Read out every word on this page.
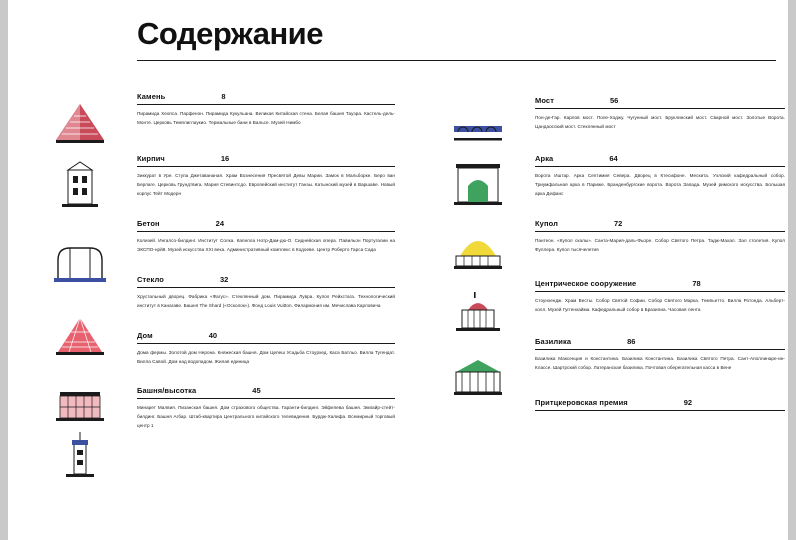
Содержание
Камень	8
Пирамида Хеопса. Парфенон. Пирамида Кукульана. Великая Китайская стена. Белая башня Тауэра. Кастель-дель-Монте. Церковь Темплиглаукио. Термальные бани в Вальсе. Музей Нимбо
Кирпич	16
Зиккурат в Уре. Ступа Джетавананая. Храм Вознесения Пресвятой Девы Марии. Замок в Мальборке. Беро ван Берлаге. Церковь Грундтвига. Мария Стевинтсдо. Европейский институт Ганзы. Катынский музей в Варшаве. Новый корпус Тейт Модерн
Бетон	24
Колизей. Ингалсо-билдинг. Институт Солка. Капелла Нотр-Дам-дю-О. Сиднейская опера. Павильон Португалии на ЭКСПО-нрй8. Музей искусства XXI века. Административный комплекс в Кодоеве. Центр Роберто Гарса Сада
Стекло	32
Хрустальный дворец. Фабрика «Фагус». Стеклянный дом. Пирамида Лувра. Купол Рейхстага. Технологический институт в Канагаве. Башня The Shard («Осколок»). Фонд Louis Vuitton. Филармония им. Мечислава Карловича
Дом	40
Дома фермы. Золотой дом Нерона. Княжеская башня. Дом Цепеш Усадьба Стоурхед. Каса Батльо. Вилла Тугендат. Вилла Савой. Дом над водопадом. Жилая единица
Башня/высотка	45
Минарет Малвия. Пизанская башня. Дом страхового общества. Гаранти-билдинг. Эйфелева башня. Эмпайр-стейт-билдинг. Башня Агбар. Штаб-квартира Центрального китайского телевидения. Бурдж-Халифа. Всемирный торговый центр 1
Мост	56
Пон-де-Гар. Карлов мост. Поле-Ходжу. Чугунный мост. Бруклинский мост. Сварной мост. Золотые Ворота. Цандаосский мост. Стеклянный мост
Арка	64
Ворота Иштар. Арка Септимия Севера. Дворец в Ктесифоне. Мескита. Уэлский кафедральный собор. Триумфальная арка в Париже. Бранденбургские ворота. Ворота Запада. Музей римского искусства. Большая арка Дефанс
Купол	72
Пантеон. «Купол скалы». Санта-Мария-даль-Фьоре. Собор Святого Петра. Тадж-Махал. Зал столетия. Купол Фуллера. Купол тысячелетия
Центрическое сооружение	78
Стоунхендж. Храм Весты. Собор Святой Софии. Собор Святого Марка. Темпьетто. Вилла Ротонда. Альберт-холл. Музей Гуггенхайма. Кафедральный собор в Бразилиа. Часовая лента
Базилика	86
Базилика Максенция и Константина. Базилика Константина. Базилика Святого Петра. Сант-Аполлинаре-ин-Классе. Шартрский собор. Латеранская базилика. Почтовая оберегательная касса в Вене
Притцкеровская премия	92
